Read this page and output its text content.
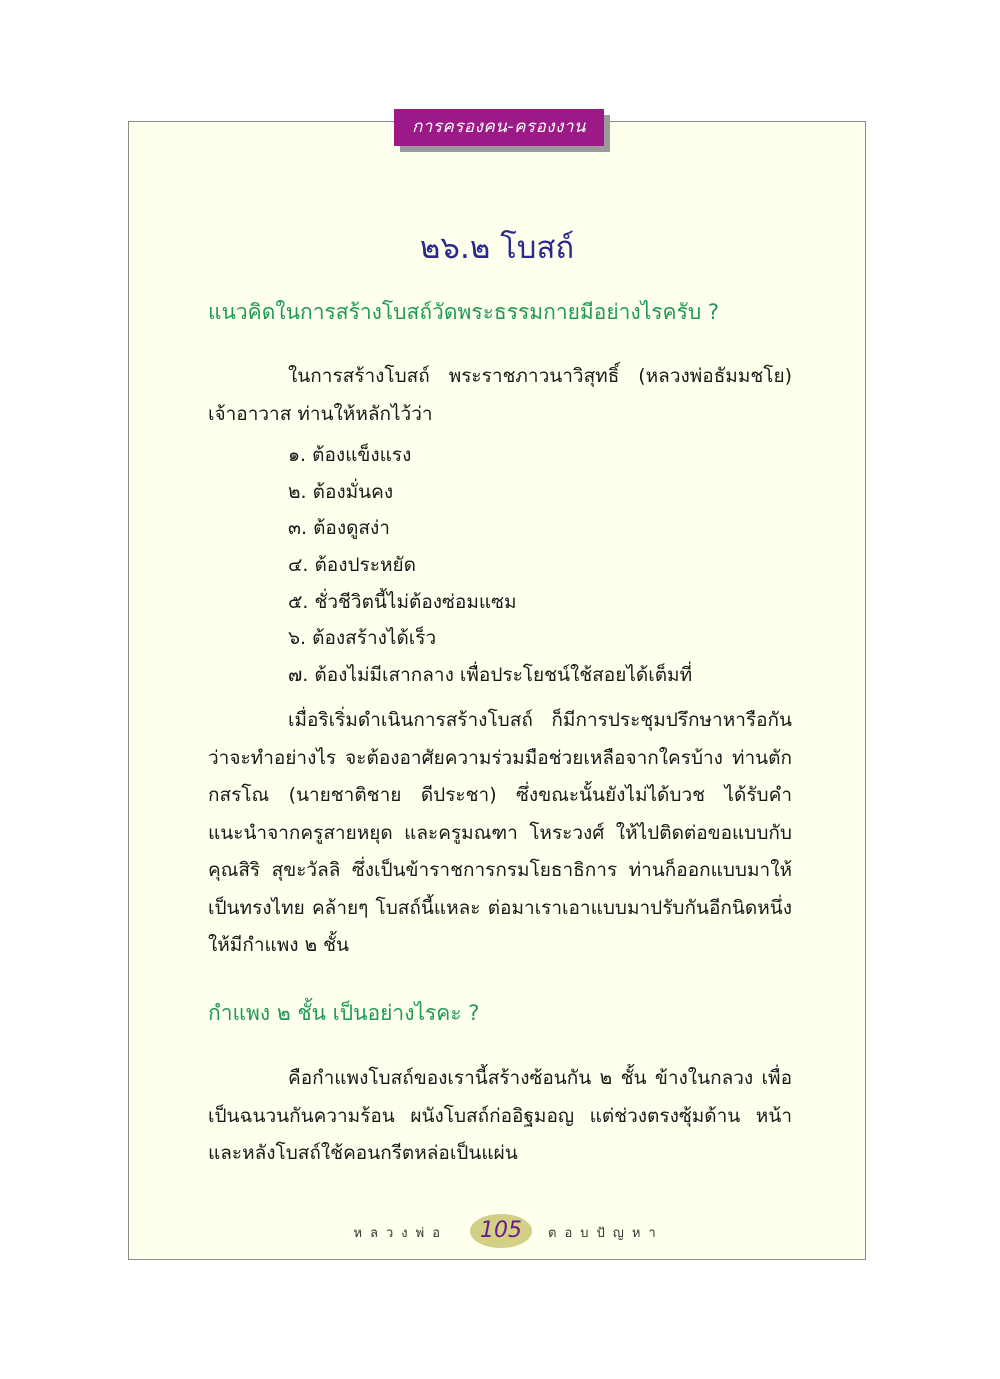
การครองคน-ครองงาน
๒๖.๒ โบสถ์
แนวคิดในการสร้างโบสถ์วัดพระธรรมกายมีอย่างไรครับ ?

ในการสร้างโบสถ์ พระราชภาวนาวิสุทธิ์ (หลวงพ่อธัมมชโย) เจ้าอาวาส ท่านให้หลักไว้ว่า

๑. ต้องแข็งแรง
๒. ต้องมั่นคง
๓. ต้องดูสง่า
๔. ต้องประหยัด
๕. ชั่วชีวิตนี้ไม่ต้องซ่อมแซม
๖. ต้องสร้างได้เร็ว
๗. ต้องไม่มีเสากลาง เพื่อประโยชน์ใช้สอยได้เต็มที่

เมื่อริเริ่มดำเนินการสร้างโบสถ์ ก็มีการประชุมปรึกษาหารือกัน ว่าจะทำอย่างไร จะต้องอาศัยความร่วมมือช่วยเหลือจากใครบ้าง ท่านตักกสรโณ (นายชาติชาย ดีประชา) ซึ่งขณะนั้นยังไม่ได้บวช ได้รับคำแนะนำจากครูสายหยุด และครูมณฑา โหระวงศ์ ให้ไปติดต่อขอแบบกับคุณสิริ สุขะวัลลิ ซึ่งเป็นข้าราชการกรมโยธาธิการ ท่านก็ออกแบบมาให้เป็นทรงไทย คล้ายๆ โบสถ์นี้แหละ ต่อมาเราเอาแบบมาปรับกันอีกนิดหนึ่งให้มีกำแพง ๒ ชั้น

กำแพง ๒ ชั้น เป็นอย่างไรคะ ?

คือกำแพงโบสถ์ของเรานี้สร้างซ้อนกัน ๒ ชั้น ข้างในกลวง เพื่อเป็นฉนวนกันความร้อน ผนังโบสถ์ก่ออิฐมอญ แต่ช่วงตรงซุ้มด้าน หน้าและหลังโบสถ์ใช้คอนกรีตหล่อเป็นแผ่น

หลวงพ่อ	105	ตอบปัญหา
